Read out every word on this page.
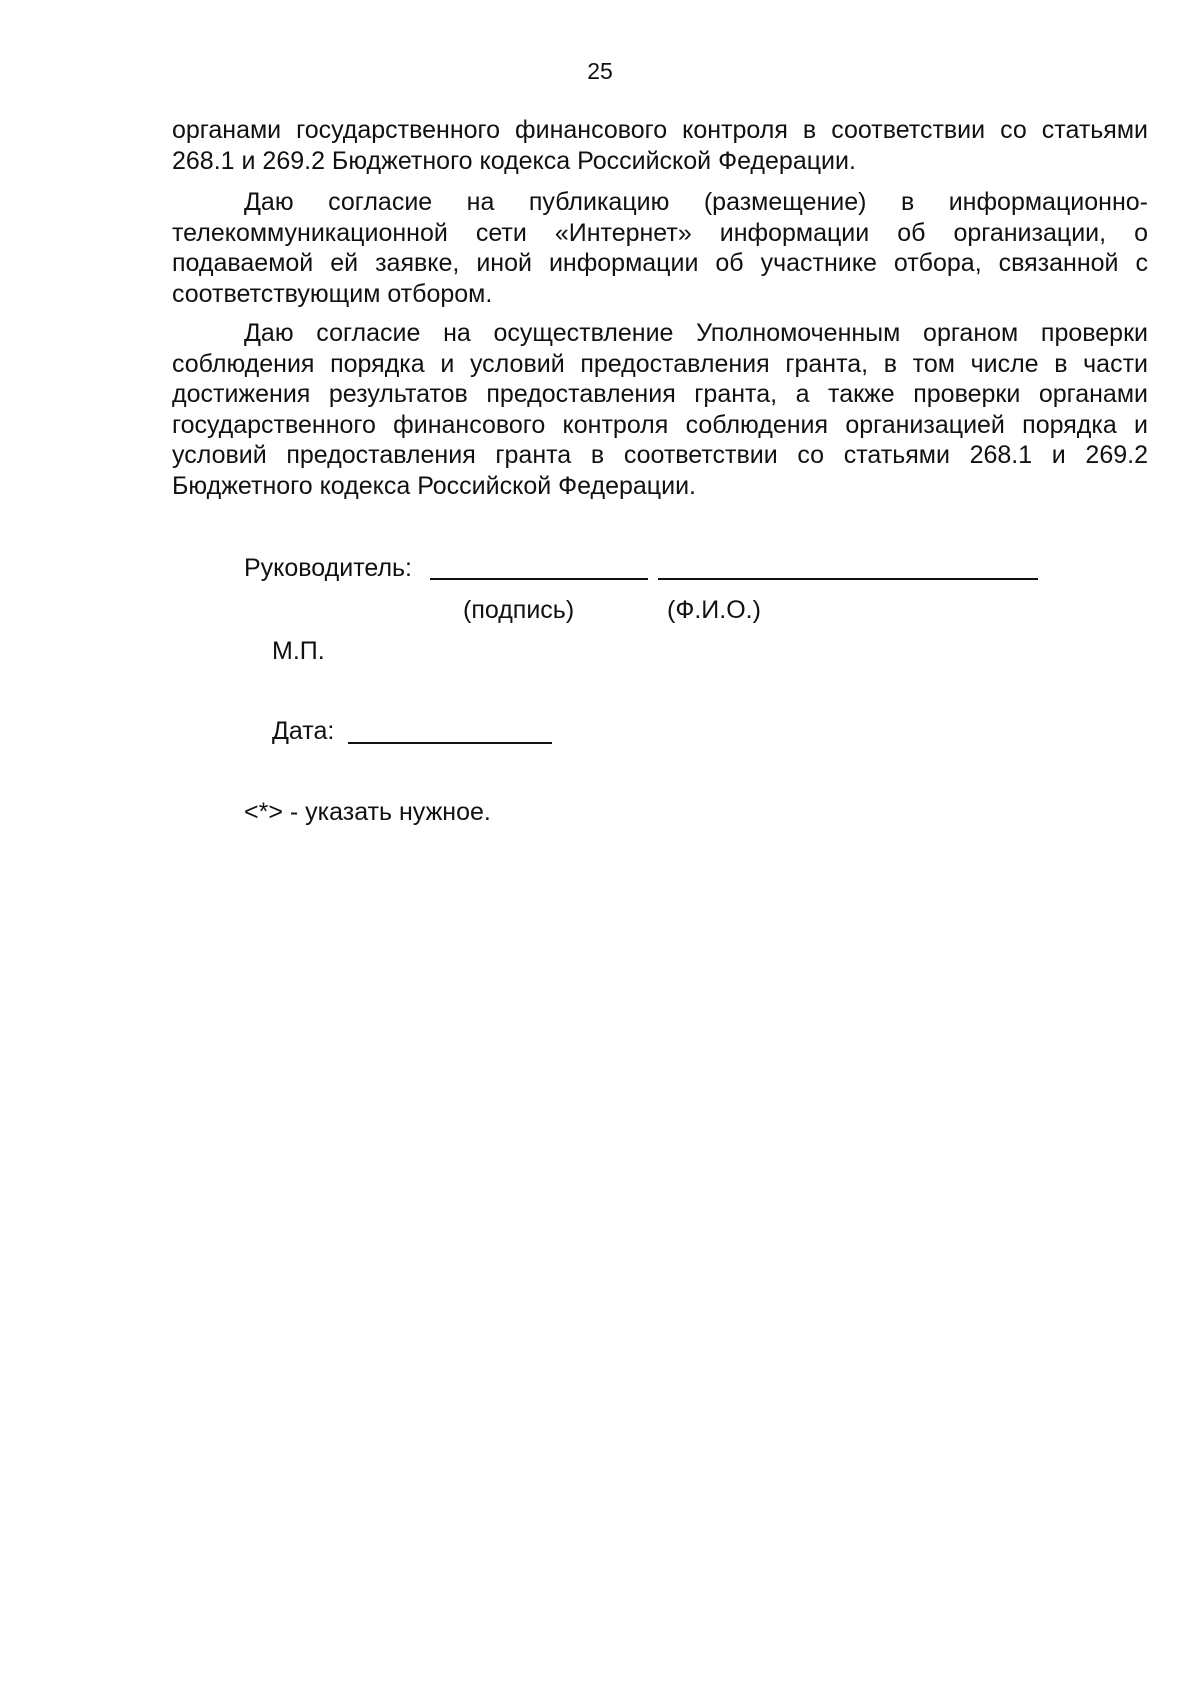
25

органами государственного финансового контроля в соответствии со статьями 268.1 и 269.2 Бюджетного кодекса Российской Федерации.

Даю согласие на публикацию (размещение) в информационно-телекоммуникационной сети «Интернет» информации об организации, о подаваемой ей заявке, иной информации об участнике отбора, связанной с соответствующим отбором.

Даю согласие на осуществление Уполномоченным органом проверки соблюдения порядка и условий предоставления гранта, в том числе в части достижения результатов предоставления гранта, а также проверки органами государственного финансового контроля соблюдения организацией порядка и условий предоставления гранта в соответствии со статьями 268.1 и 269.2 Бюджетного кодекса Российской Федерации.

Руководитель:
(подпись)	(Ф.И.О.)
М.П.
Дата:
<*> - указать нужное.
